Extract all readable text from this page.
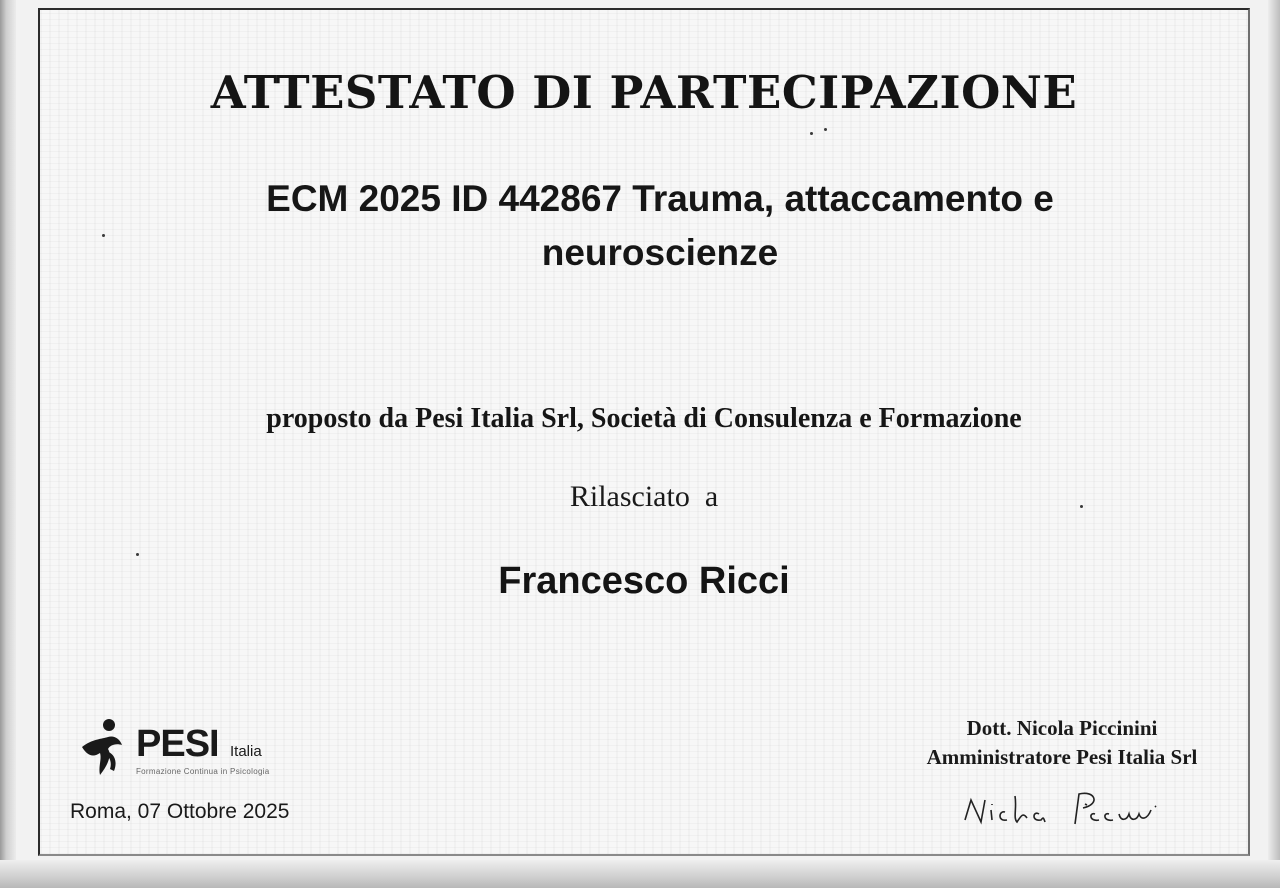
ATTESTATO DI PARTECIPAZIONE
ECM 2025 ID 442867 Trauma, attaccamento e
neuroscienze
proposto da Pesi Italia Srl, Società di Consulenza e Formazione
Rilasciato  a
Francesco Ricci
PESI Italia
Formazione Continua in Psicologia
Roma, 07 Ottobre 2025
Dott. Nicola Piccinini
Amministratore Pesi Italia Srl
